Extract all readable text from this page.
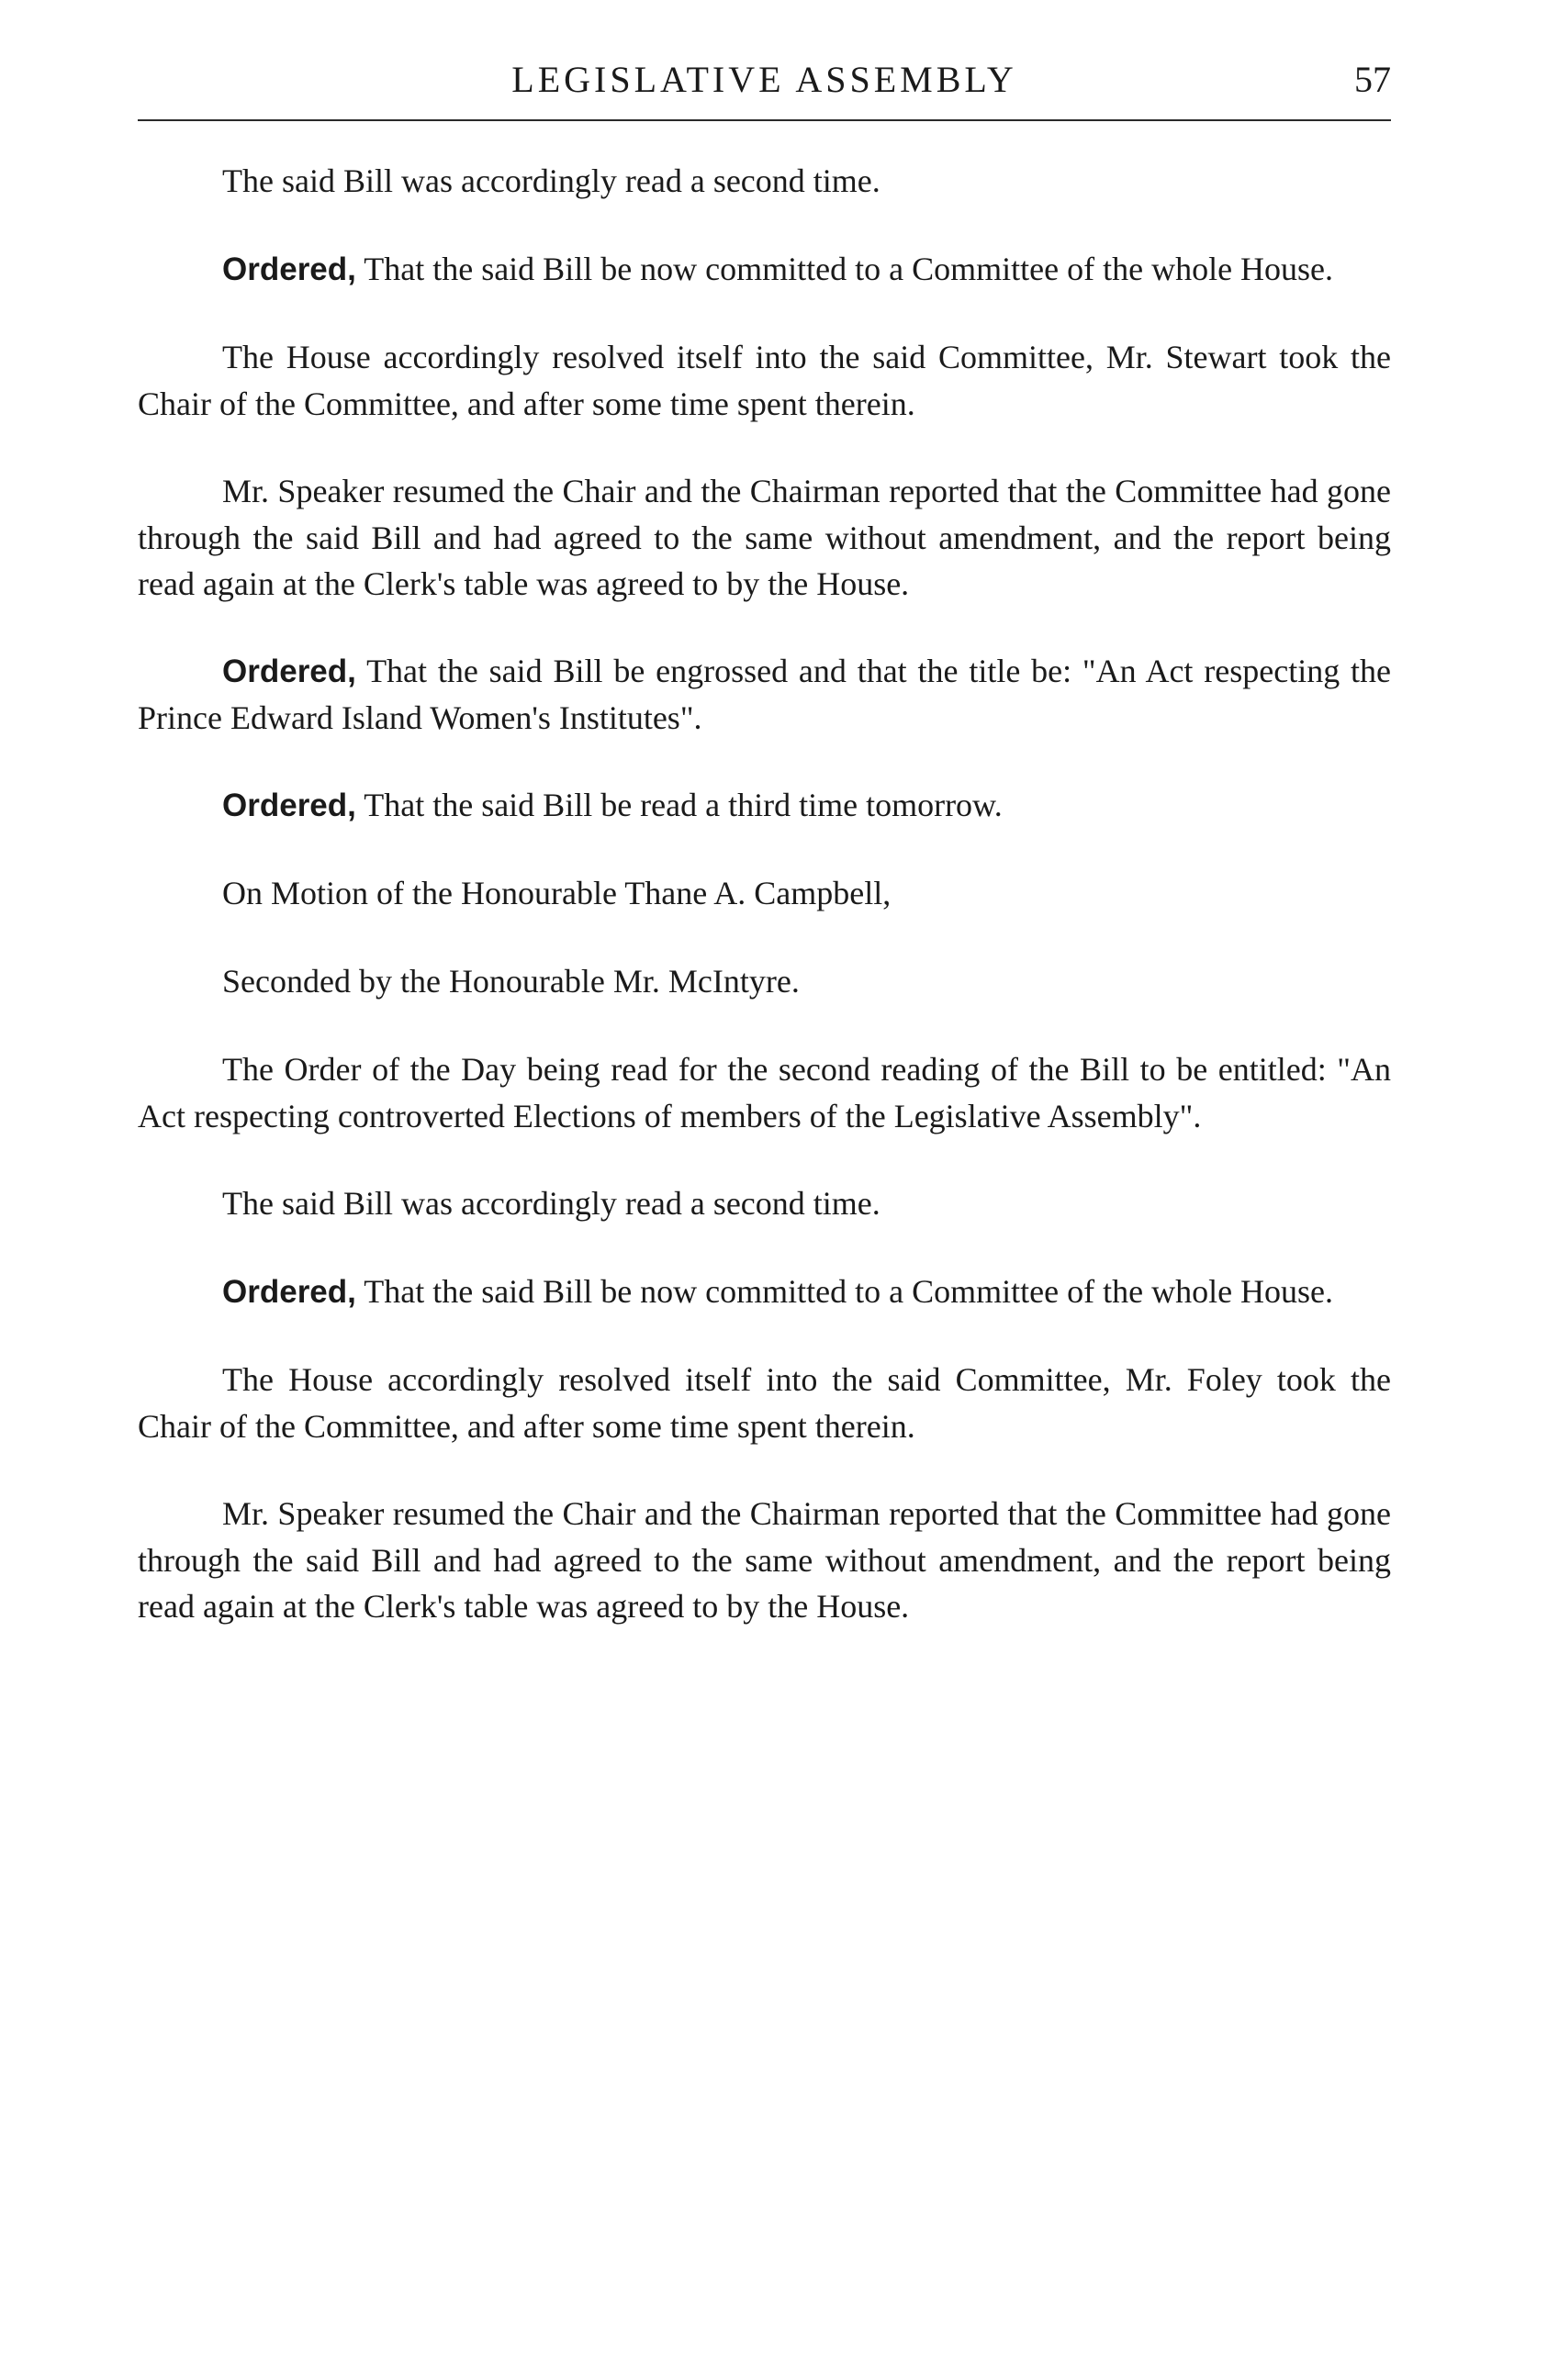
LEGISLATIVE ASSEMBLY	57

The said Bill was accordingly read a second time.

Ordered, That the said Bill be now committed to a Committee of the whole House.

The House accordingly resolved itself into the said Committee, Mr. Stewart took the Chair of the Committee, and after some time spent therein.

Mr. Speaker resumed the Chair and the Chairman reported that the Committee had gone through the said Bill and had agreed to the same without amendment, and the report being read again at the Clerk's table was agreed to by the House.

Ordered, That the said Bill be engrossed and that the title be: "An Act respecting the Prince Edward Island Women's Institutes".

Ordered, That the said Bill be read a third time tomorrow.

On Motion of the Honourable Thane A. Campbell,

Seconded by the Honourable Mr. McIntyre.

The Order of the Day being read for the second reading of the Bill to be entitled: "An Act respecting controverted Elections of members of the Legislative Assembly".

The said Bill was accordingly read a second time.

Ordered, That the said Bill be now committed to a Committee of the whole House.

The House accordingly resolved itself into the said Committee, Mr. Foley took the Chair of the Committee, and after some time spent therein.

Mr. Speaker resumed the Chair and the Chairman reported that the Committee had gone through the said Bill and had agreed to the same without amendment, and the report being read again at the Clerk's table was agreed to by the House.
